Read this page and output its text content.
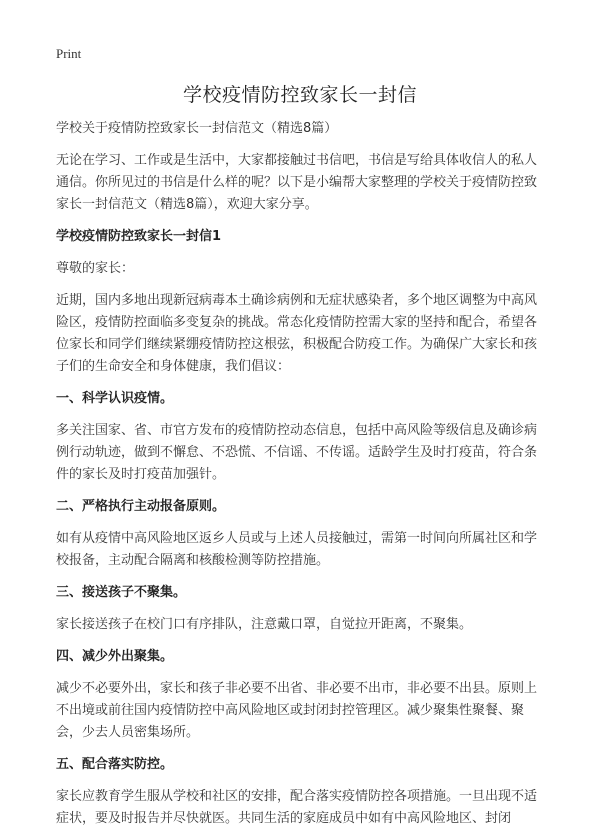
Print
学校疫情防控致家长一封信
学校关于疫情防控致家长一封信范文（精选8篇）

无论在学习、工作或是生活中，大家都接触过书信吧，书信是写给具体收信人的私人通信。你所见过的书信是什么样的呢？以下是小编帮大家整理的学校关于疫情防控致家长一封信范文（精选8篇），欢迎大家分享。

学校疫情防控致家长一封信1

尊敬的家长：

近期，国内多地出现新冠病毒本土确诊病例和无症状感染者，多个地区调整为中高风险区，疫情防控面临多变复杂的挑战。常态化疫情防控需大家的坚持和配合，希望各位家长和同学们继续紧绷疫情防控这根弦，积极配合防疫工作。为确保广大家长和孩子们的生命安全和身体健康，我们倡议：

一、科学认识疫情。

多关注国家、省、市官方发布的疫情防控动态信息，包括中高风险等级信息及确诊病例行动轨迹，做到不懈怠、不恐慌、不信谣、不传谣。适龄学生及时打疫苗，符合条件的家长及时打疫苗加强针。

二、严格执行主动报备原则。

如有从疫情中高风险地区返乡人员或与上述人员接触过，需第一时间向所属社区和学校报备，主动配合隔离和核酸检测等防控措施。

三、接送孩子不聚集。

家长接送孩子在校门口有序排队，注意戴口罩，自觉拉开距离，不聚集。

四、减少外出聚集。

减少不必要外出，家长和孩子非必要不出省、非必要不出市，非必要不出县。原则上不出境或前往国内疫情防控中高风险地区或封闭封控管理区。减少聚集性聚餐、聚会，少去人员密集场所。

五、配合落实防控。

家长应教育学生服从学校和社区的安排，配合落实疫情防控各项措施。一旦出现不适症状，要及时报告并尽快就医。共同生活的家庭成员中如有中高风险地区、封闭
